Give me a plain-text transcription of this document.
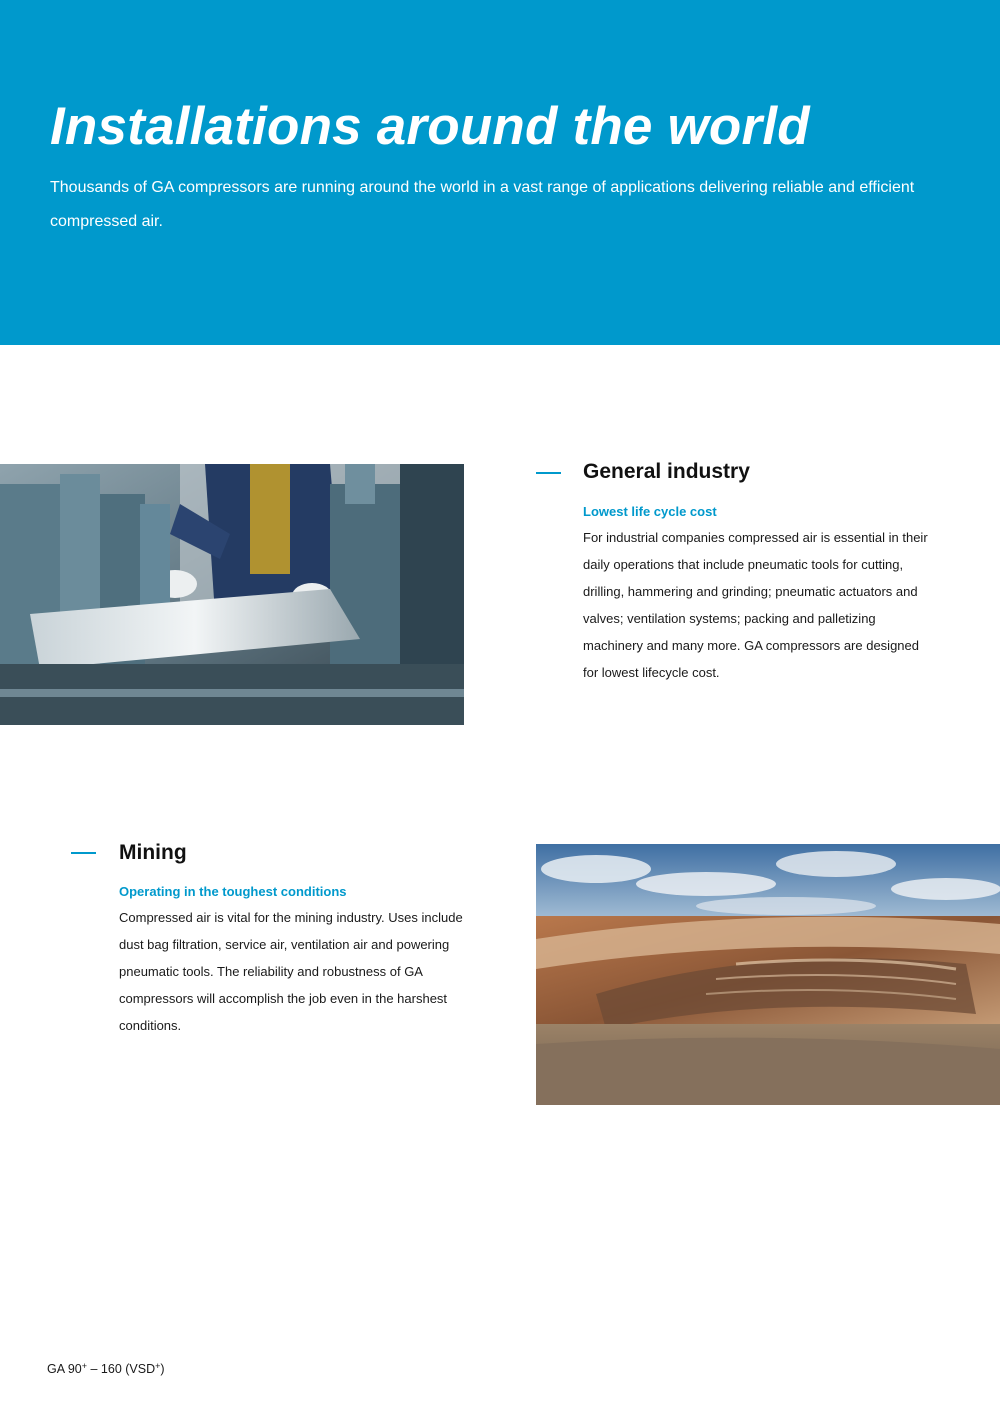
Installations around the world

Thousands of GA compressors are running around the world in a vast range of applications delivering reliable and efficient compressed air.

General industry
Lowest life cycle cost

For industrial companies compressed air is essential in their daily operations that include pneumatic tools for cutting, drilling, hammering and grinding; pneumatic actuators and valves; ventilation systems; packing and palletizing machinery and many more. GA compressors are designed for lowest lifecycle cost.

Mining
Operating in the toughest conditions

Compressed air is vital for the mining industry. Uses include dust bag filtration, service air, ventilation air and powering pneumatic tools. The reliability and robustness of GA compressors will accomplish the job even in the harshest conditions.

GA 90+ – 160 (VSD+)
